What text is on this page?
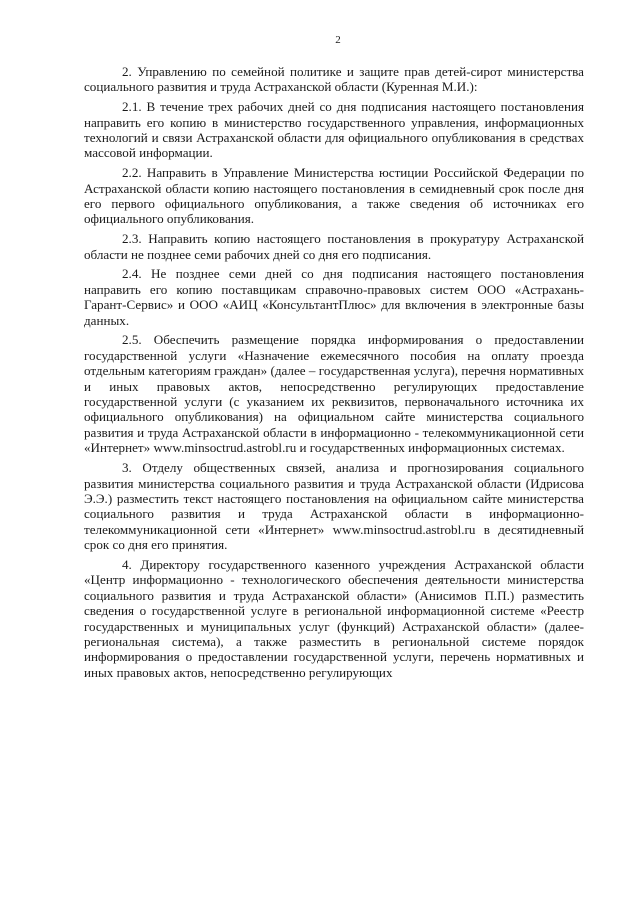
2

2. Управлению по семейной политике и защите прав детей-сирот министерства социального развития и труда Астраханской области (Куренная М.И.):

2.1. В течение трех рабочих дней со дня подписания настоящего постановления направить его копию в министерство государственного управления, информационных технологий и связи Астраханской области для официального опубликования в средствах массовой информации.

2.2. Направить в Управление Министерства юстиции Российской Федерации по Астраханской области копию настоящего постановления в семидневный срок после дня его первого официального опубликования, а также сведения об источниках его официального опубликования.

2.3. Направить копию настоящего постановления в прокуратуру Астраханской области не позднее семи рабочих дней со дня его подписания.

2.4. Не позднее семи дней со дня подписания настоящего постановления направить его копию поставщикам справочно-правовых систем ООО «Астрахань-Гарант-Сервис» и ООО «АИЦ «КонсультантПлюс» для включения в электронные базы данных.

2.5. Обеспечить размещение порядка информирования о предоставлении государственной услуги «Назначение ежемесячного пособия на оплату проезда отдельным категориям граждан» (далее – государственная услуга), перечня нормативных и иных правовых актов, непосредственно регулирующих предоставление государственной услуги (с указанием их реквизитов, первоначального источника их официального опубликования) на официальном сайте министерства социального развития и труда Астраханской области в информационно - телекоммуникационной сети «Интернет» www.minsoctrud.astrobl.ru и государственных информационных системах.

3. Отделу общественных связей, анализа и прогнозирования социального развития министерства социального развития и труда Астраханской области (Идрисова Э.Э.) разместить текст настоящего постановления на официальном сайте министерства социального развития и труда Астраханской области в информационно-телекоммуникационной сети «Интернет» www.minsoctrud.astrobl.ru в десятидневный срок со дня его принятия.

4. Директору государственного казенного учреждения Астраханской области «Центр информационно - технологического обеспечения деятельности министерства социального развития и труда Астраханской области» (Анисимов П.П.) разместить сведения о государственной услуге в региональной информационной системе «Реестр государственных и муниципальных услуг (функций) Астраханской области» (далее-региональная система), а также разместить в региональной системе порядок информирования о предоставлении государственной услуги, перечень нормативных и иных правовых актов, непосредственно регулирующих
